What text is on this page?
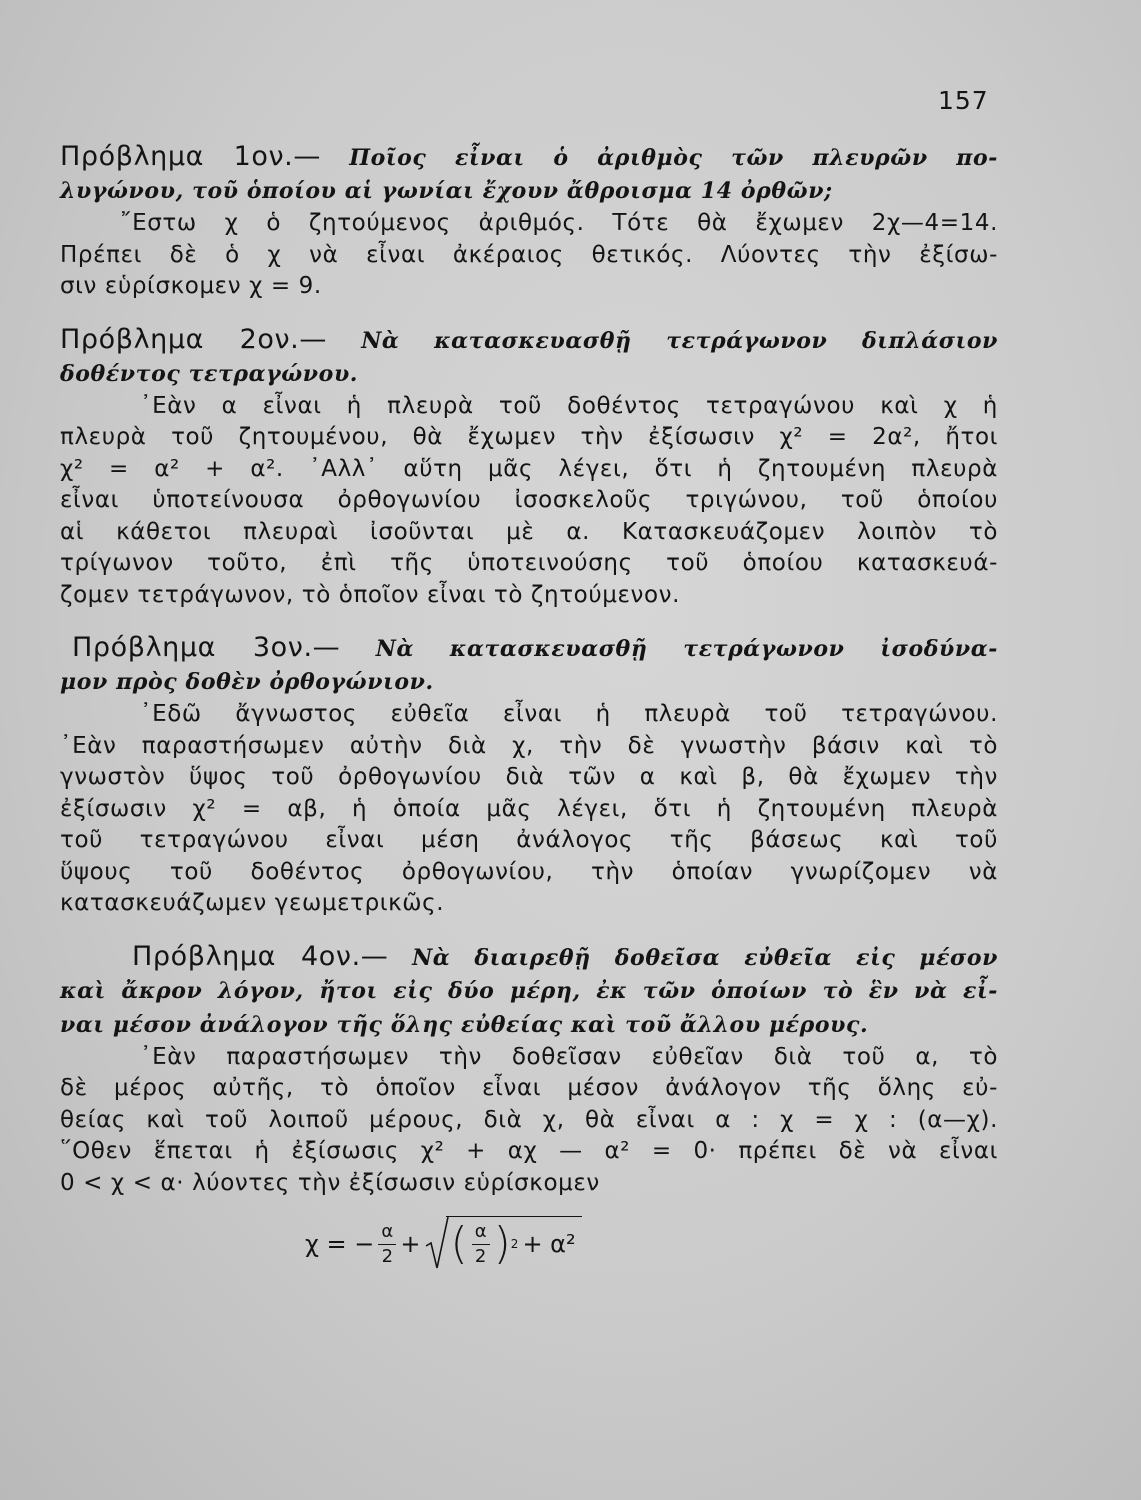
157
Πρόβλημα 1ον.— Ποῖος εἶναι ὁ ἀριθμὸς τῶν πλευρῶν πο-
λυγώνου, τοῦ ὁποίου αἱ γωνίαι ἔχουν ἄθροισμα 14 ὀρθῶν;
῎Εστω χ ὁ ζητούμενος ἀριθμός. Τότε θὰ ἔχωμεν 2χ—4=14.
Πρέπει δὲ ὁ χ νὰ εἶναι ἀκέραιος θετικός. Λύοντες τὴν ἐξίσω-
σιν εὑρίσκομεν χ = 9.
Πρόβλημα 2ον.— Νὰ κατασκευασθῇ τετράγωνον διπλάσιον
δοθέντος τετραγώνου.
᾿Εὰν α εἶναι ἡ πλευρὰ τοῦ δοθέντος τετραγώνου καὶ χ ἡ
πλευρὰ τοῦ ζητουμένου, θὰ ἔχωμεν τὴν ἐξίσωσιν χ² = 2α², ἤτοι
χ² = α² + α². ᾿Αλλ᾿ αὕτη μᾶς λέγει, ὅτι ἡ ζητουμένη πλευρὰ
εἶναι ὑποτείνουσα ὀρθογωνίου ἰσοσκελοῦς τριγώνου, τοῦ ὁποίου
αἱ κάθετοι πλευραὶ ἰσοῦνται μὲ α. Κατασκευάζομεν λοιπὸν τὸ
τρίγωνον τοῦτο, ἐπὶ τῆς ὑποτεινούσης τοῦ ὁποίου κατασκευά-
ζομεν τετράγωνον, τὸ ὁποῖον εἶναι τὸ ζητούμενον.
Πρόβλημα 3ον.— Νὰ κατασκευασθῇ τετράγωνον ἰσοδύνα-
μον πρὸς δοθὲν ὀρθογώνιον.
᾿Εδῶ ἄγνωστος εὐθεῖα εἶναι ἡ πλευρὰ τοῦ τετραγώνου.
᾿Εὰν παραστήσωμεν αὐτὴν διὰ χ, τὴν δὲ γνωστὴν βάσιν καὶ τὸ
γνωστὸν ὕψος τοῦ ὀρθογωνίου διὰ τῶν α καὶ β, θὰ ἔχωμεν τὴν
ἐξίσωσιν χ² = αβ, ἡ ὁποία μᾶς λέγει, ὅτι ἡ ζητουμένη πλευρὰ
τοῦ τετραγώνου εἶναι μέση ἀνάλογος τῆς βάσεως καὶ τοῦ
ὕψους τοῦ δοθέντος ὀρθογωνίου, τὴν ὁποίαν γνωρίζομεν νὰ
κατασκευάζωμεν γεωμετρικῶς.
Πρόβλημα 4ον.— Νὰ διαιρεθῇ δοθεῖσα εὐθεῖα εἰς μέσον
καὶ ἄκρον λόγον, ἤτοι εἰς δύο μέρη, ἐκ τῶν ὁποίων τὸ ἓν νὰ εἶ-
ναι μέσον ἀνάλογον τῆς ὅλης εὐθείας καὶ τοῦ ἄλλου μέρους.
᾿Εὰν παραστήσωμεν τὴν δοθεῖσαν εὐθεῖαν διὰ τοῦ α, τὸ
δὲ μέρος αὐτῆς, τὸ ὁποῖον εἶναι μέσον ἀνάλογον τῆς ὅλης εὐ-
θείας καὶ τοῦ λοιποῦ μέρους, διὰ χ, θὰ εἶναι α : χ = χ : (α—χ).
῞Οθεν ἕπεται ἡ ἐξίσωσις χ² + αχ — α² = 0· πρέπει δὲ νὰ εἶναι
0 < χ < α· λύοντες τὴν ἐξίσωσιν εὑρίσκομεν
χ = − $\frac{\alpha}{2}$ + ( $\frac{\alpha}{2}$ ) 2 + α²
